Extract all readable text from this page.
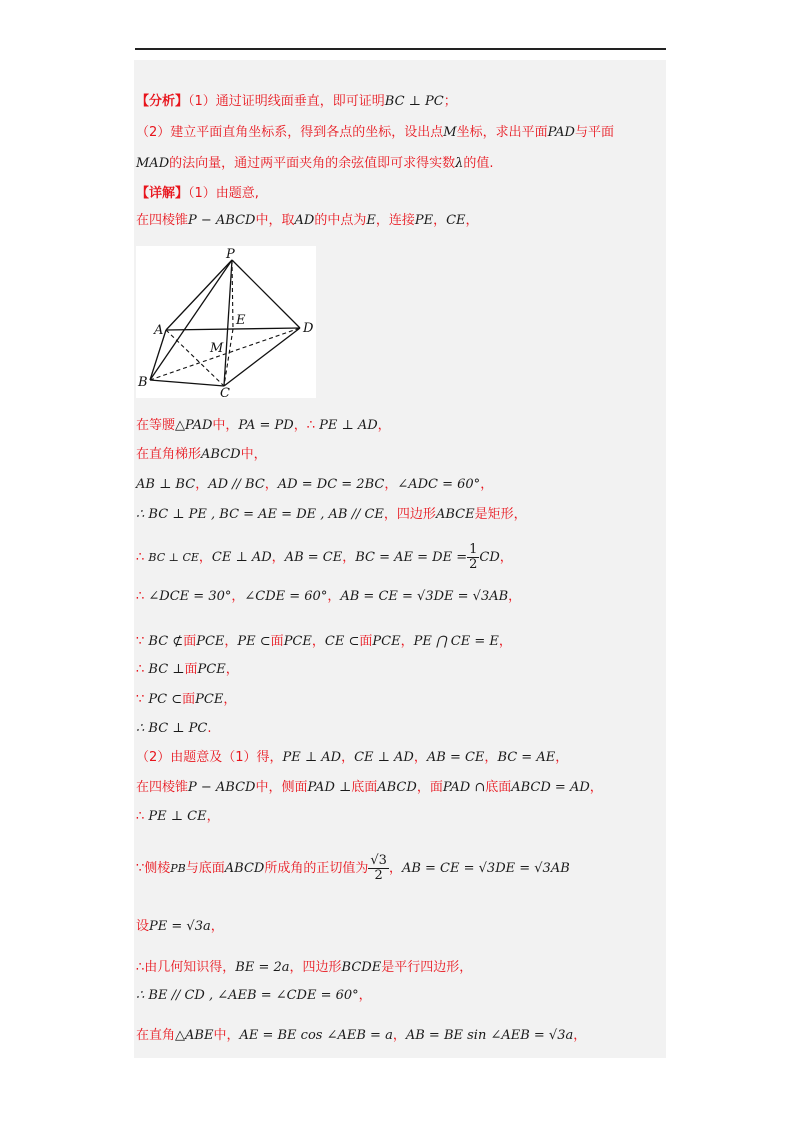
【分析】（1）通过证明线面垂直，即可证明BC ⊥ PC；
（2）建立平面直角坐标系，得到各点的坐标，设出点M坐标，求出平面PAD与平面
MAD的法向量，通过两平面夹角的余弦值即可求得实数λ的值.
【详解】（1）由题意,
在四棱锥P − ABCD中，取AD的中点为E，连接PE，CE，
P
A
B
C
D
E
M
在等腰△PAD中，PA = PD，∴ PE ⊥ AD，
在直角梯形ABCD中，
AB ⊥ BC，AD // BC，AD = DC = 2BC，∠ADC = 60°，
∴ BC ⊥ PE , BC = AE = DE , AB // CE，四边形ABCE是矩形，
∴ BC ⊥ CE，CE ⊥ AD，AB = CE，BC = AE = DE = $\frac{1}{2}$ CD，
∴ ∠DCE = 30°，∠CDE = 60°，AB = CE = √3DE = √3AB，
∵ BC ⊄面PCE，PE ⊂面PCE，CE ⊂面PCE，PE ⋂ CE = E，
∴ BC ⊥面PCE，
∵ PC ⊂面PCE，
∴ BC ⊥ PC.
（2）由题意及（1）得，PE ⊥ AD，CE ⊥ AD，AB = CE，BC = AE，
在四棱锥P − ABCD中，侧面PAD ⊥底面ABCD，面PAD ∩底面ABCD = AD，
∴ PE ⊥ CE，
∵侧棱PB与底面ABCD所成角的正切值为 $\frac{√3}{2}$ ，AB = CE = √3DE = √3AB
设PE = √3a，
∴由几何知识得，BE = 2a，四边形BCDE是平行四边形，
∴ BE // CD , ∠AEB = ∠CDE = 60°，
在直角△ABE中，AE = BE cos ∠AEB = a，AB = BE sin ∠AEB = √3a，
